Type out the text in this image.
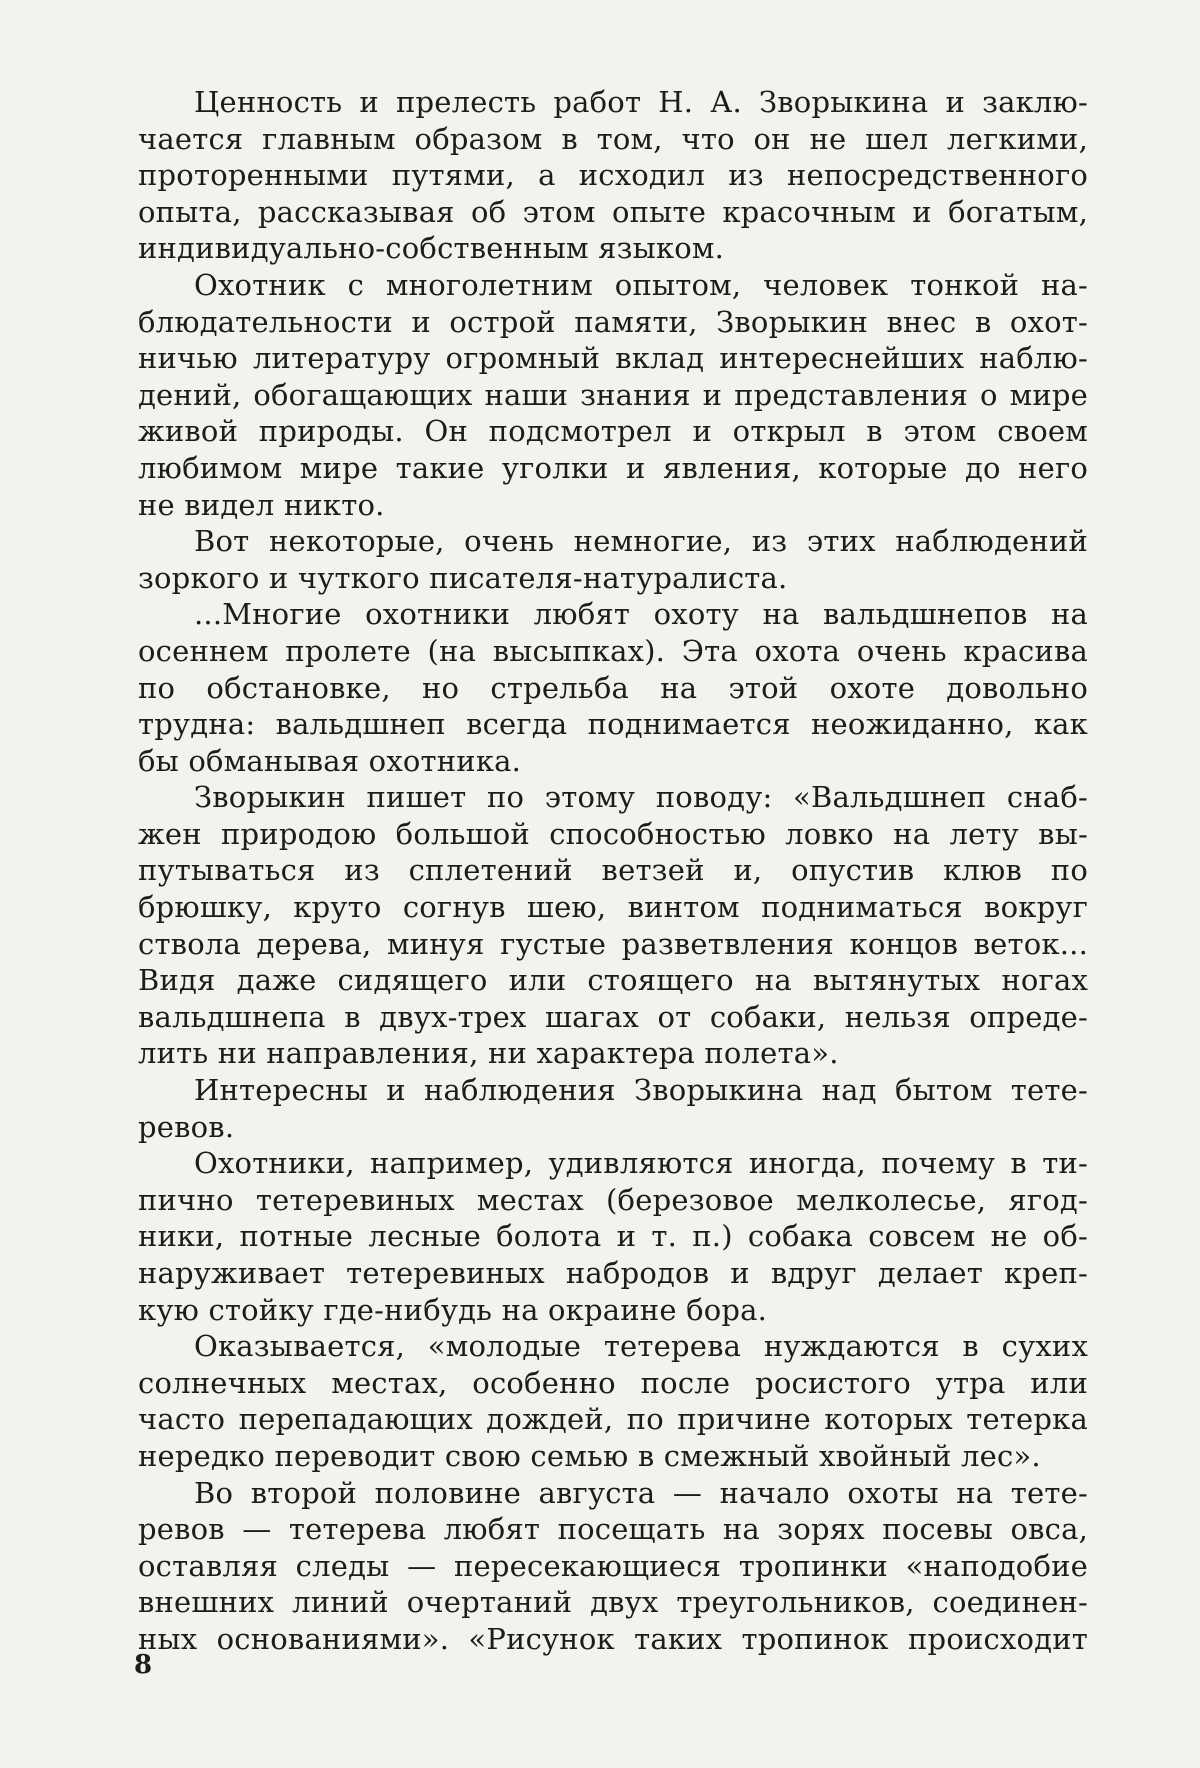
Ценность и прелесть работ Н. А. Зворыкина и заклю-
чается главным образом в том, что он не шел легкими,
проторенными путями, а исходил из непосредственного
опыта, рассказывая об этом опыте красочным и богатым,
индивидуально-собственным языком.
Охотник с многолетним опытом, человек тонкой на-
блюдательности и острой памяти, Зворыкин внес в охот-
ничью литературу огромный вклад интереснейших наблю-
дений, обогащающих наши знания и представления о мире
живой природы. Он подсмотрел и открыл в этом своем
любимом мире такие уголки и явления, которые до него
не видел никто.
Вот некоторые, очень немногие, из этих наблюдений
зоркого и чуткого писателя-натуралиста.
...Многие охотники любят охоту на вальдшнепов на
осеннем пролете (на высыпках). Эта охота очень красива
по обстановке, но стрельба на этой охоте довольно
трудна: вальдшнеп всегда поднимается неожиданно, как
бы обманывая охотника.
Зворыкин пишет по этому поводу: «Вальдшнеп снаб-
жен природою большой способностью ловко на лету вы-
путываться из сплетений ветзей и, опустив клюв по
брюшку, круто согнув шею, винтом подниматься вокруг
ствола дерева, минуя густые разветвления концов веток...
Видя даже сидящего или стоящего на вытянутых ногах
вальдшнепа в двух-трех шагах от собаки, нельзя опреде-
лить ни направления, ни характера полета».
Интересны и наблюдения Зворыкина над бытом тете-
ревов.
Охотники, например, удивляются иногда, почему в ти-
пично тетеревиных местах (березовое мелколесье, ягод-
ники, потные лесные болота и т. п.) собака совсем не об-
наруживает тетеревиных набродов и вдруг делает креп-
кую стойку где-нибудь на окраине бора.
Оказывается, «молодые тетерева нуждаются в сухих
солнечных местах, особенно после росистого утра или
часто перепадающих дождей, по причине которых тетерка
нередко переводит свою семью в смежный хвойный лес».
Во второй половине августа — начало охоты на тете-
ревов — тетерева любят посещать на зорях посевы овса,
оставляя следы — пересекающиеся тропинки «наподобие
внешних линий очертаний двух треугольников, соединен-
ных основаниями». «Рисунок таких тропинок происходит
8
